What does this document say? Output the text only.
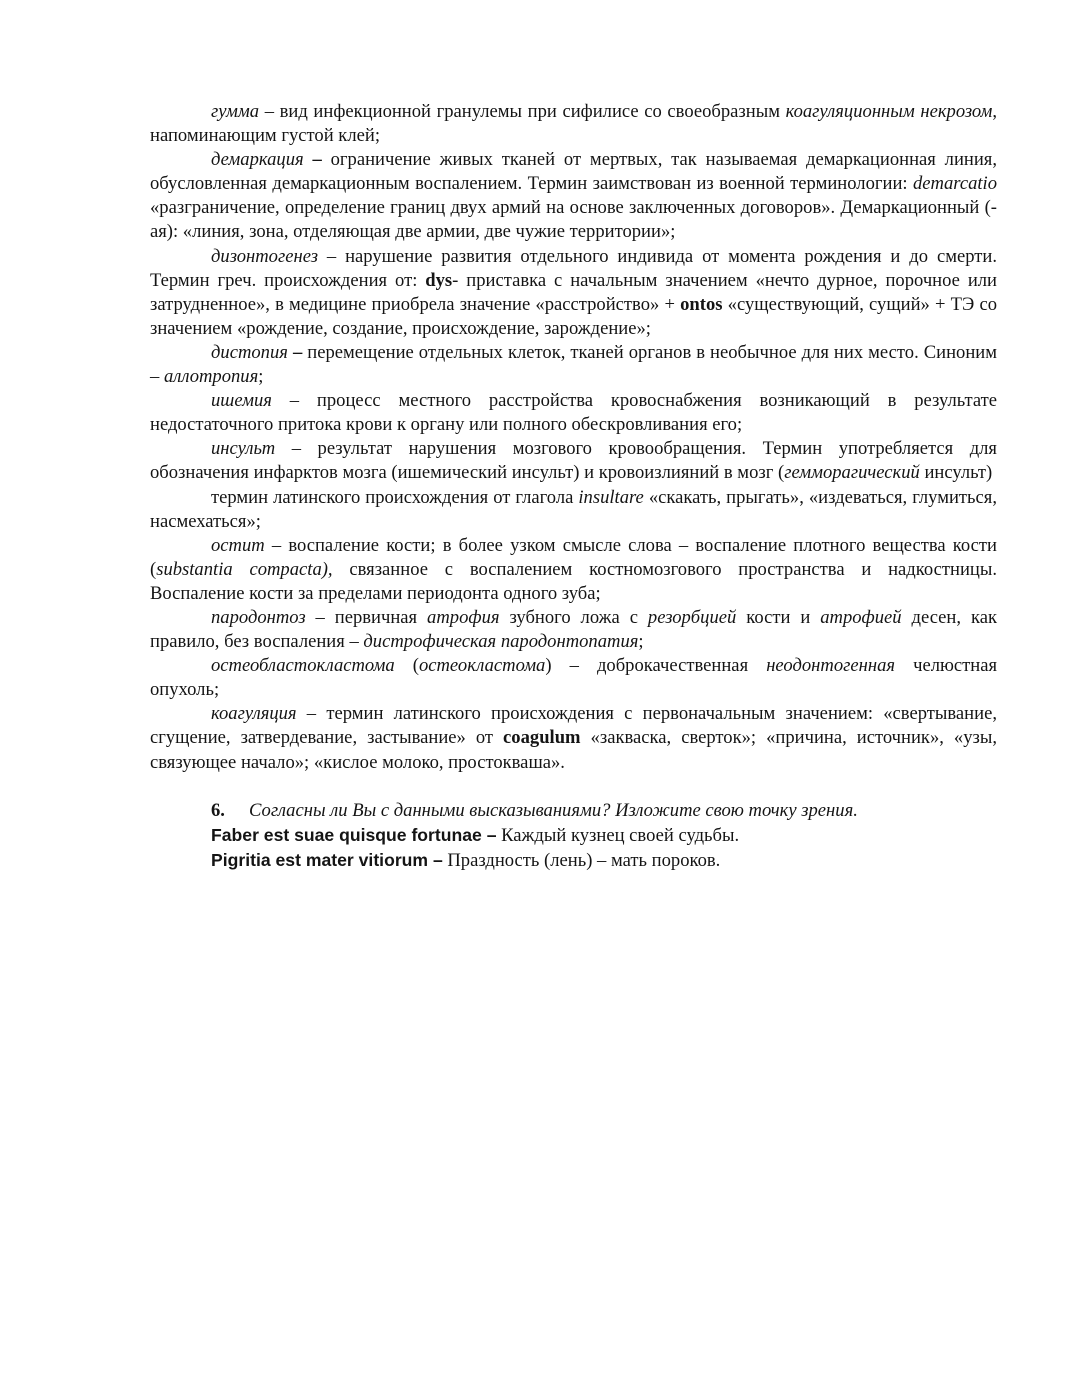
гумма – вид инфекционной гранулемы при сифилисе со своеобразным коагуляционным некрозом, напоминающим густой клей;

демаркация – ограничение живых тканей от мертвых, так называемая демаркационная линия, обусловленная демаркационным воспалением. Термин заимствован из военной терминологии: demarcatio «разграничение, определение границ двух армий на основе заключенных договоров». Демаркационный (-ая): «линия, зона, отделяющая две армии, две чужие территории»;

дизонтогенез – нарушение развития отдельного индивида от момента рождения и до смерти. Термин греч. происхождения от: dys- приставка с начальным значением «нечто дурное, порочное или затрудненное», в медицине приобрела значение «расстройство» + ontos «существующий, сущий» + ТЭ со значением «рождение, создание, происхождение, зарождение»;

дистопия – перемещение отдельных клеток, тканей органов в необычное для них место. Синоним – аллотропия;

ишемия – процесс местного расстройства кровоснабжения возникающий в результате недостаточного притока крови к органу или полного обескровливания его;

инсульт – результат нарушения мозгового кровообращения. Термин употребляется для обозначения инфарктов мозга (ишемический инсульт) и кровоизлияний в мозг (гемморагический инсульт)

термин латинского происхождения от глагола insultare «скакать, прыгать», «издеваться, глумиться, насмехаться»;

остит – воспаление кости; в более узком смысле слова – воспаление плотного вещества кости (substantia compacta), связанное с воспалением костномозгового пространства и надкостницы. Воспаление кости за пределами периодонта одного зуба;

пародонтоз – первичная атрофия зубного ложа с резорбцией кости и атрофией десен, как правило, без воспаления – дистрофическая пародонтопатия;

остеобластокластома (остеокластома) – доброкачественная неодонтогенная челюстная опухоль;

коагуляция – термин латинского происхождения с первоначальным значением: «свертывание, сгущение, затвердевание, застывание» от coagulum «закваска, сверток»; «причина, источник», «узы, связующее начало»; «кислое молоко, простокваша».

6. Согласны ли Вы с данными высказываниями? Изложите свою точку зрения.

Faber est suae quisque fortunae – Каждый кузнец своей судьбы.

Pigritia est mater vitiorum – Праздность (лень) – мать пороков.
